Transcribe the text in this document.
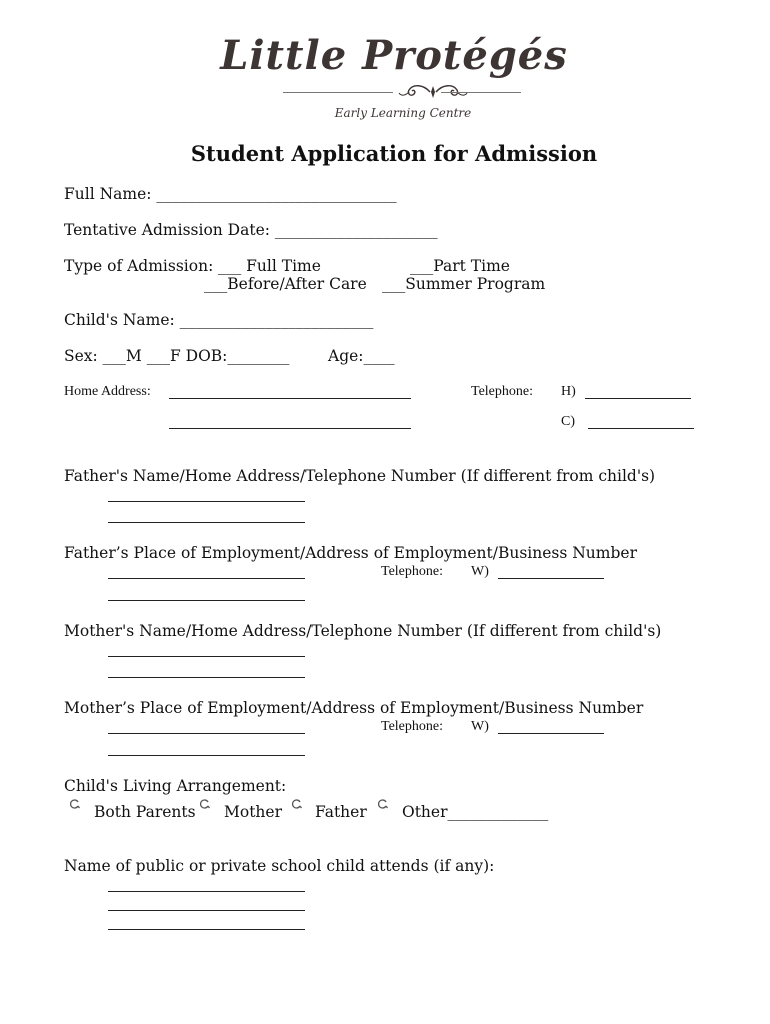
Little Protégés
Early Learning Centre
Student Application for Admission
Full Name: _______________________________
Tentative Admission Date: _____________________
Type of Admission: ___ Full Time	___Part Time
___Before/After Care ___Summer Program
Child's Name: _________________________
Sex: ___M ___F DOB:________ Age:____
Home Address:	Telephone: H)
C)
Father's Name/Home Address/Telephone Number (If different from child's)
Father’s Place of Employment/Address of Employment/Business Number
Telephone: W)
Mother's Name/Home Address/Telephone Number (If different from child's)
Mother’s Place of Employment/Address of Employment/Business Number
Telephone: W)
Child's Living Arrangement:
Both Parents Mother Father Other_____________
Name of public or private school child attends (if any):
